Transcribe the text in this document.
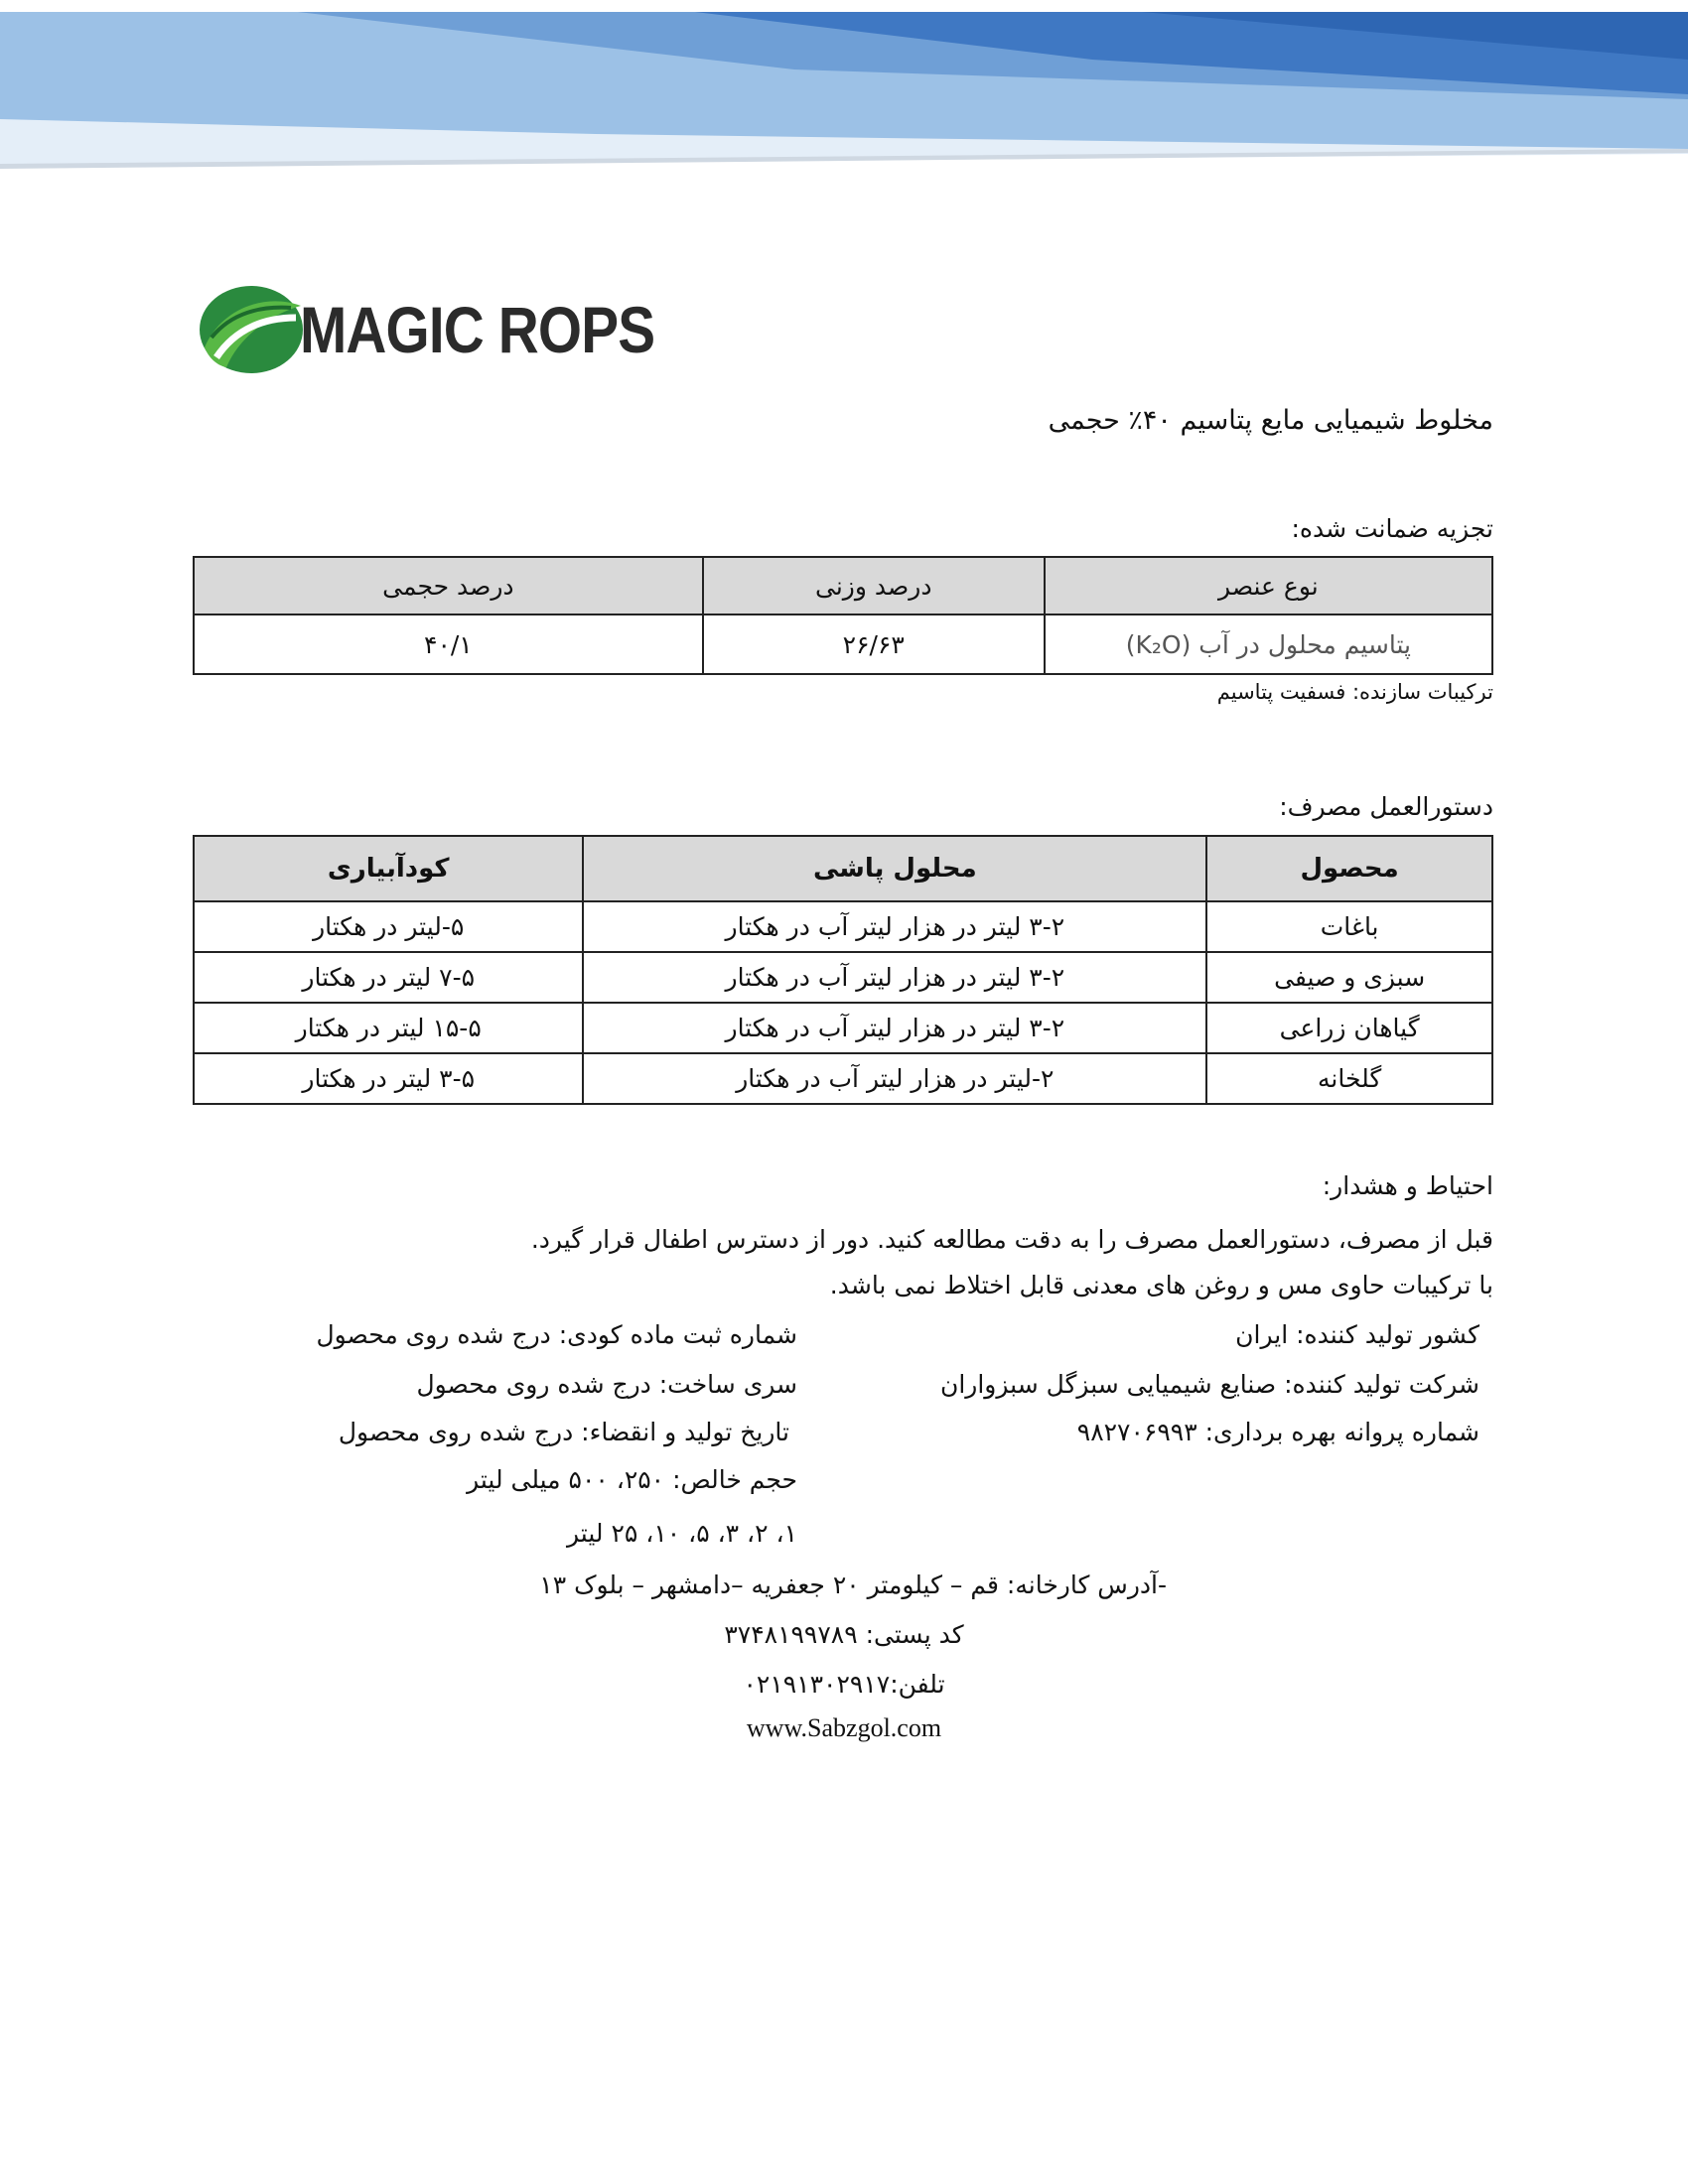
MAGIC ROPS
مخلوط شیمیایی مایع پتاسیم ۴۰٪ حجمی
تجزیه ضمانت شده:
نوع عنصر	درصد وزنی	درصد حجمی
پتاسیم محلول در آب (K₂O)	۲۶/۶۳	۴۰/۱
ترکیبات سازنده: فسفیت پتاسیم
دستورالعمل مصرف:
محصول	محلول پاشی	کودآبیاری
باغات	۳-۲ لیتر در هزار لیتر آب در هکتار	۵-لیتر در هکتار
سبزی و صیفی	۳-۲ لیتر در هزار لیتر آب در هکتار	۷-۵ لیتر در هکتار
گیاهان زراعی	۳-۲ لیتر در هزار لیتر آب در هکتار	۱۵-۵ لیتر در هکتار
گلخانه	۲-لیتر در هزار لیتر آب در هکتار	۳-۵ لیتر در هکتار
احتیاط و هشدار:
قبل از مصرف، دستورالعمل مصرف را به دقت مطالعه کنید. دور از دسترس اطفال قرار گیرد.
با ترکیبات حاوی مس و روغن های معدنی قابل اختلاط نمی باشد.
کشور تولید کننده: ایران
شرکت تولید کننده: صنایع شیمیایی سبزگل سبزواران
شماره پروانه بهره برداری: ۹۸۲۷۰۶۹۹۳
شماره ثبت ماده کودی: درج شده روی محصول
سری ساخت: درج شده روی محصول
تاریخ تولید و انقضاء: درج شده روی محصول
حجم خالص: ۲۵۰، ۵۰۰ میلی لیتر
۱، ۲، ۳، ۵، ۱۰، ۲۵ لیتر
-آدرس کارخانه: قم – کیلومتر ۲۰ جعفریه –دامشهر – بلوک ۱۳
کد پستی: ۳۷۴۸۱۹۹۷۸۹
تلفن:۰۲۱۹۱۳۰۲۹۱۷
www.Sabzgol.com
